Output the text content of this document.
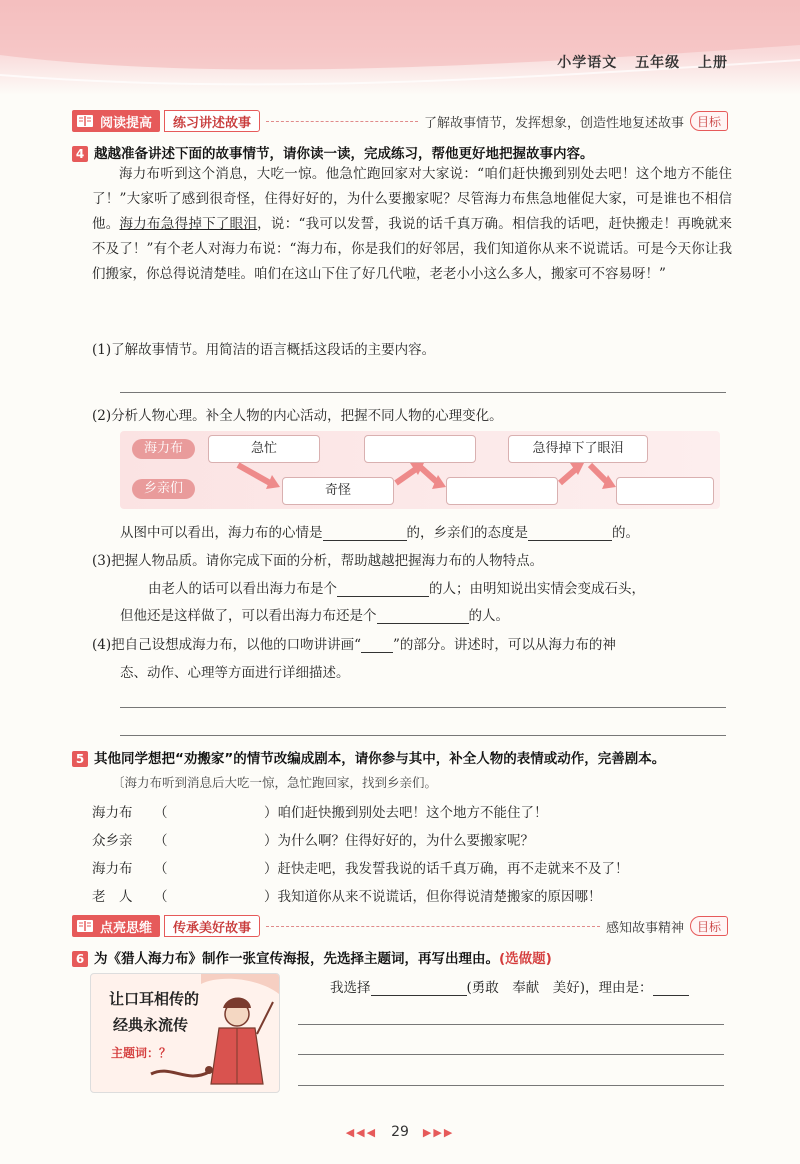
小学语文 五年级 上册
阅读提高	练习讲述故事	了解故事情节，发挥想象，创造性地复述故事	目标
4 越越准备讲述下面的故事情节，请你读一读，完成练习，帮他更好地把握故事内容。
海力布听到这个消息，大吃一惊。他急忙跑回家对大家说：“咱们赶快搬到别处去吧！这个地方不能住了！”大家听了感到很奇怪，住得好好的，为什么要搬家呢？尽管海力布焦急地催促大家，可是谁也不相信他。海力布急得掉下了眼泪，说：“我可以发誓，我说的话千真万确。相信我的话吧，赶快搬走！再晚就来不及了！”有个老人对海力布说：“海力布，你是我们的好邻居，我们知道你从来不说谎话。可是今天你让我们搬家，你总得说清楚哇。咱们在这山下住了好几代啦，老老小小这么多人，搬家可不容易呀！”
(1)了解故事情节。用简洁的语言概括这段话的主要内容。
(2)分析人物心理。补全人物的内心活动，把握不同人物的心理变化。
海力布
乡亲们
急忙	急得掉下了眼泪
奇怪
从图中可以看出，海力布的心情是	的，乡亲们的态度是	的。
(3)把握人物品质。请你完成下面的分析，帮助越越把握海力布的人物特点。
由老人的话可以看出海力布是个	的人；由明知说出实情会变成石头，
但他还是这样做了，可以看出海力布还是个	的人。
(4)把自己设想成海力布，以他的口吻讲讲画“ ”的部分。讲述时，可以从海力布的神
态、动作、心理等方面进行详细描述。
5 其他同学想把“劝搬家”的情节改编成剧本，请你参与其中，补全人物的表情或动作，完善剧本。
〔海力布听到消息后大吃一惊，急忙跑回家，找到乡亲们。
海力布 （	）咱们赶快搬到别处去吧！这个地方不能住了！
众乡亲 （	）为什么啊？住得好好的，为什么要搬家呢？
海力布 （	）赶快走吧，我发誓我说的话千真万确，再不走就来不及了！
老　人 （	）我知道你从来不说谎话，但你得说清楚搬家的原因哪！
点亮思维	传承美好故事	感知故事精神	目标
6 为《猎人海力布》制作一张宣传海报，先选择主题词，再写出理由。(选做题)
让口耳相传的
经典永流传
主题词：？
我选择	(勇敢　奉献　美好)，理由是：
◀◀◀ 29 ▶▶▶
